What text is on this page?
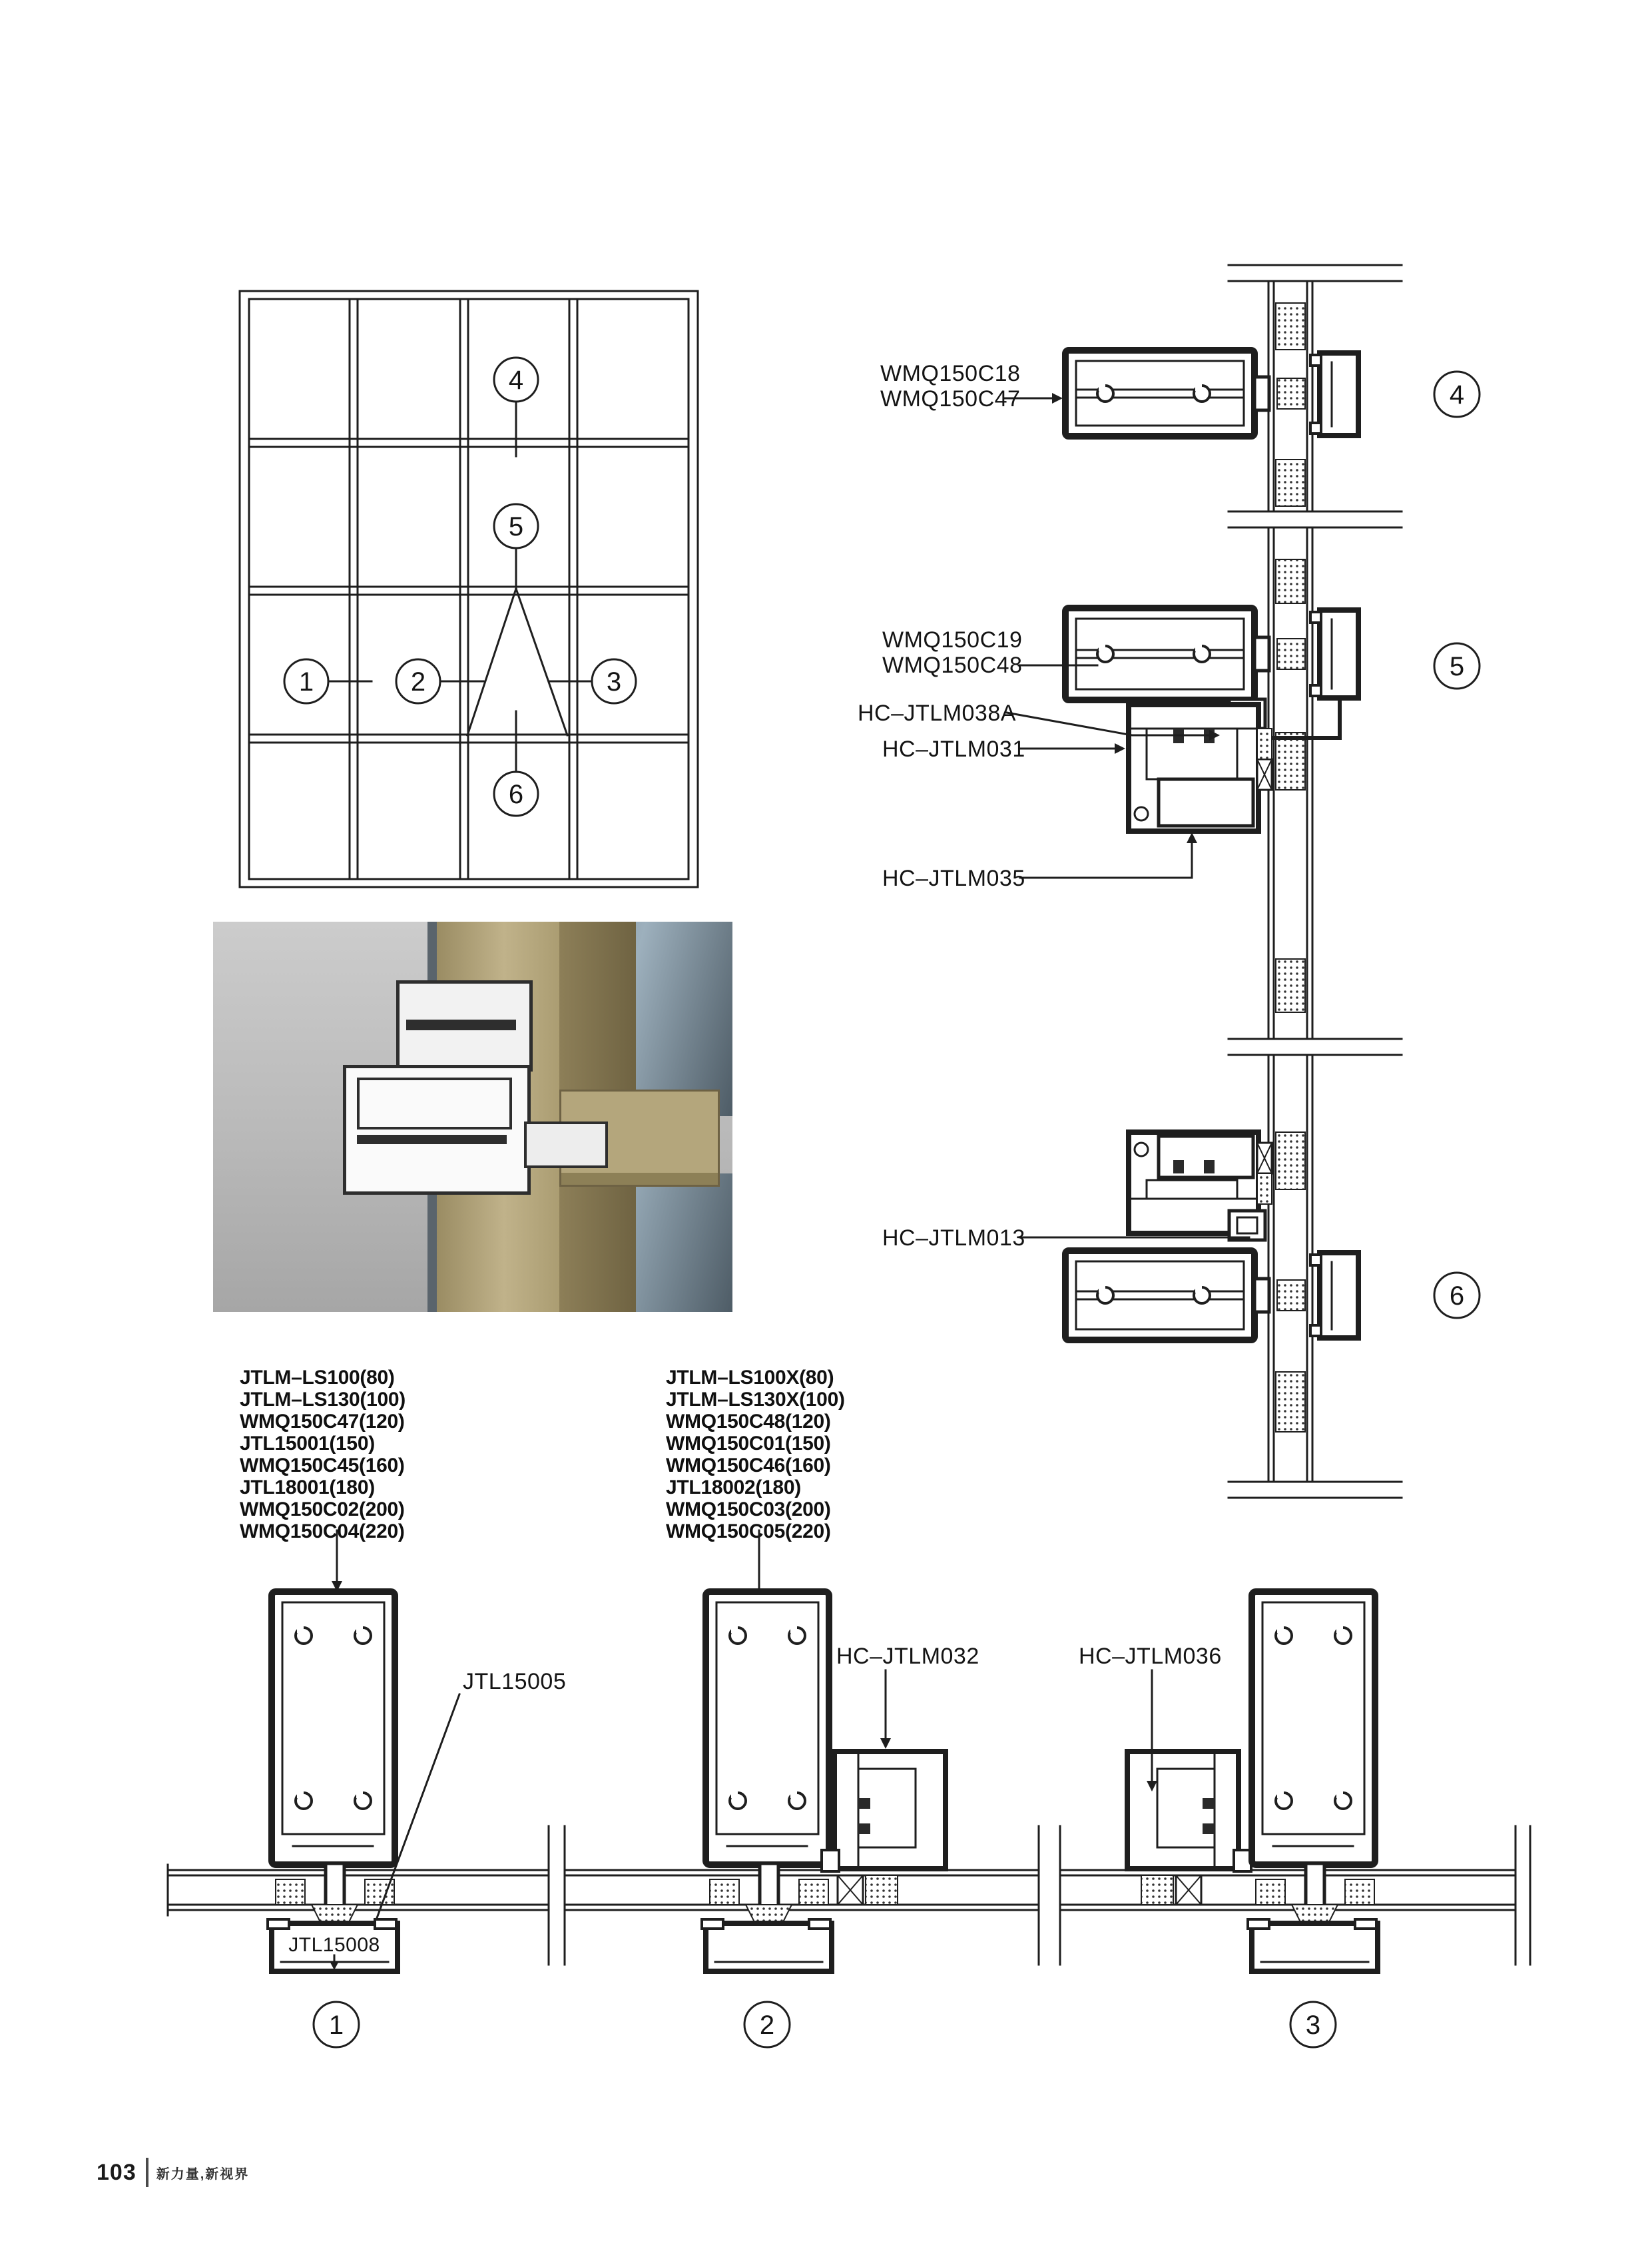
JTLM–LS100(80)
JTLM–LS130(100)
WMQ150C47(120)
JTL15001(150)
WMQ150C45(160)
JTL18001(180)
WMQ150C02(200)
WMQ150C04(220)
JTLM–LS100X(80)
JTLM–LS130X(100)
WMQ150C48(120)
WMQ150C01(150)
WMQ150C46(160)
JTL18002(180)
WMQ150C03(200)
WMQ150C05(220)
103 新力量,新视界
1	2	3
4
5
6
WMQ150C18
WMQ150C47	4
WMQ150C19
WMQ150C48
HC–JTLM038A
HC–JTLM031
HC–JTLM035
5
HC–JTLM013
6
JTL15008
JTL15005
1
HC–JTLM032
2
HC–JTLM036
3
